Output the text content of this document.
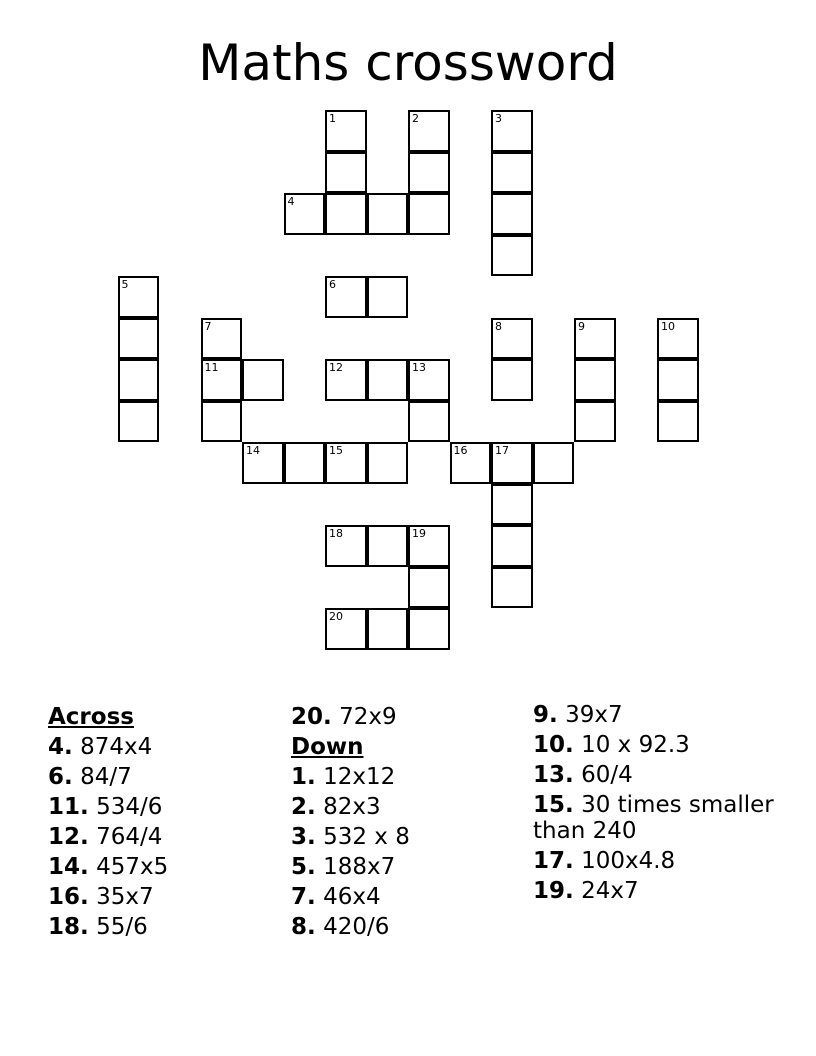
Maths crossword
1	2	3
4
5	6
7	8	9	10
11	12	13
14	15	16	17
18	19
20
Across
4. 874x4
6. 84/7
11. 534/6
12. 764/4
14. 457x5
16. 35x7
18. 55/6
20. 72x9
Down
1. 12x12
2. 82x3
3. 532 x 8
5. 188x7
7. 46x4
8. 420/6
9. 39x7
10. 10 x 92.3
13. 60/4
15. 30 times smaller than 240
17. 100x4.8
19. 24x7
